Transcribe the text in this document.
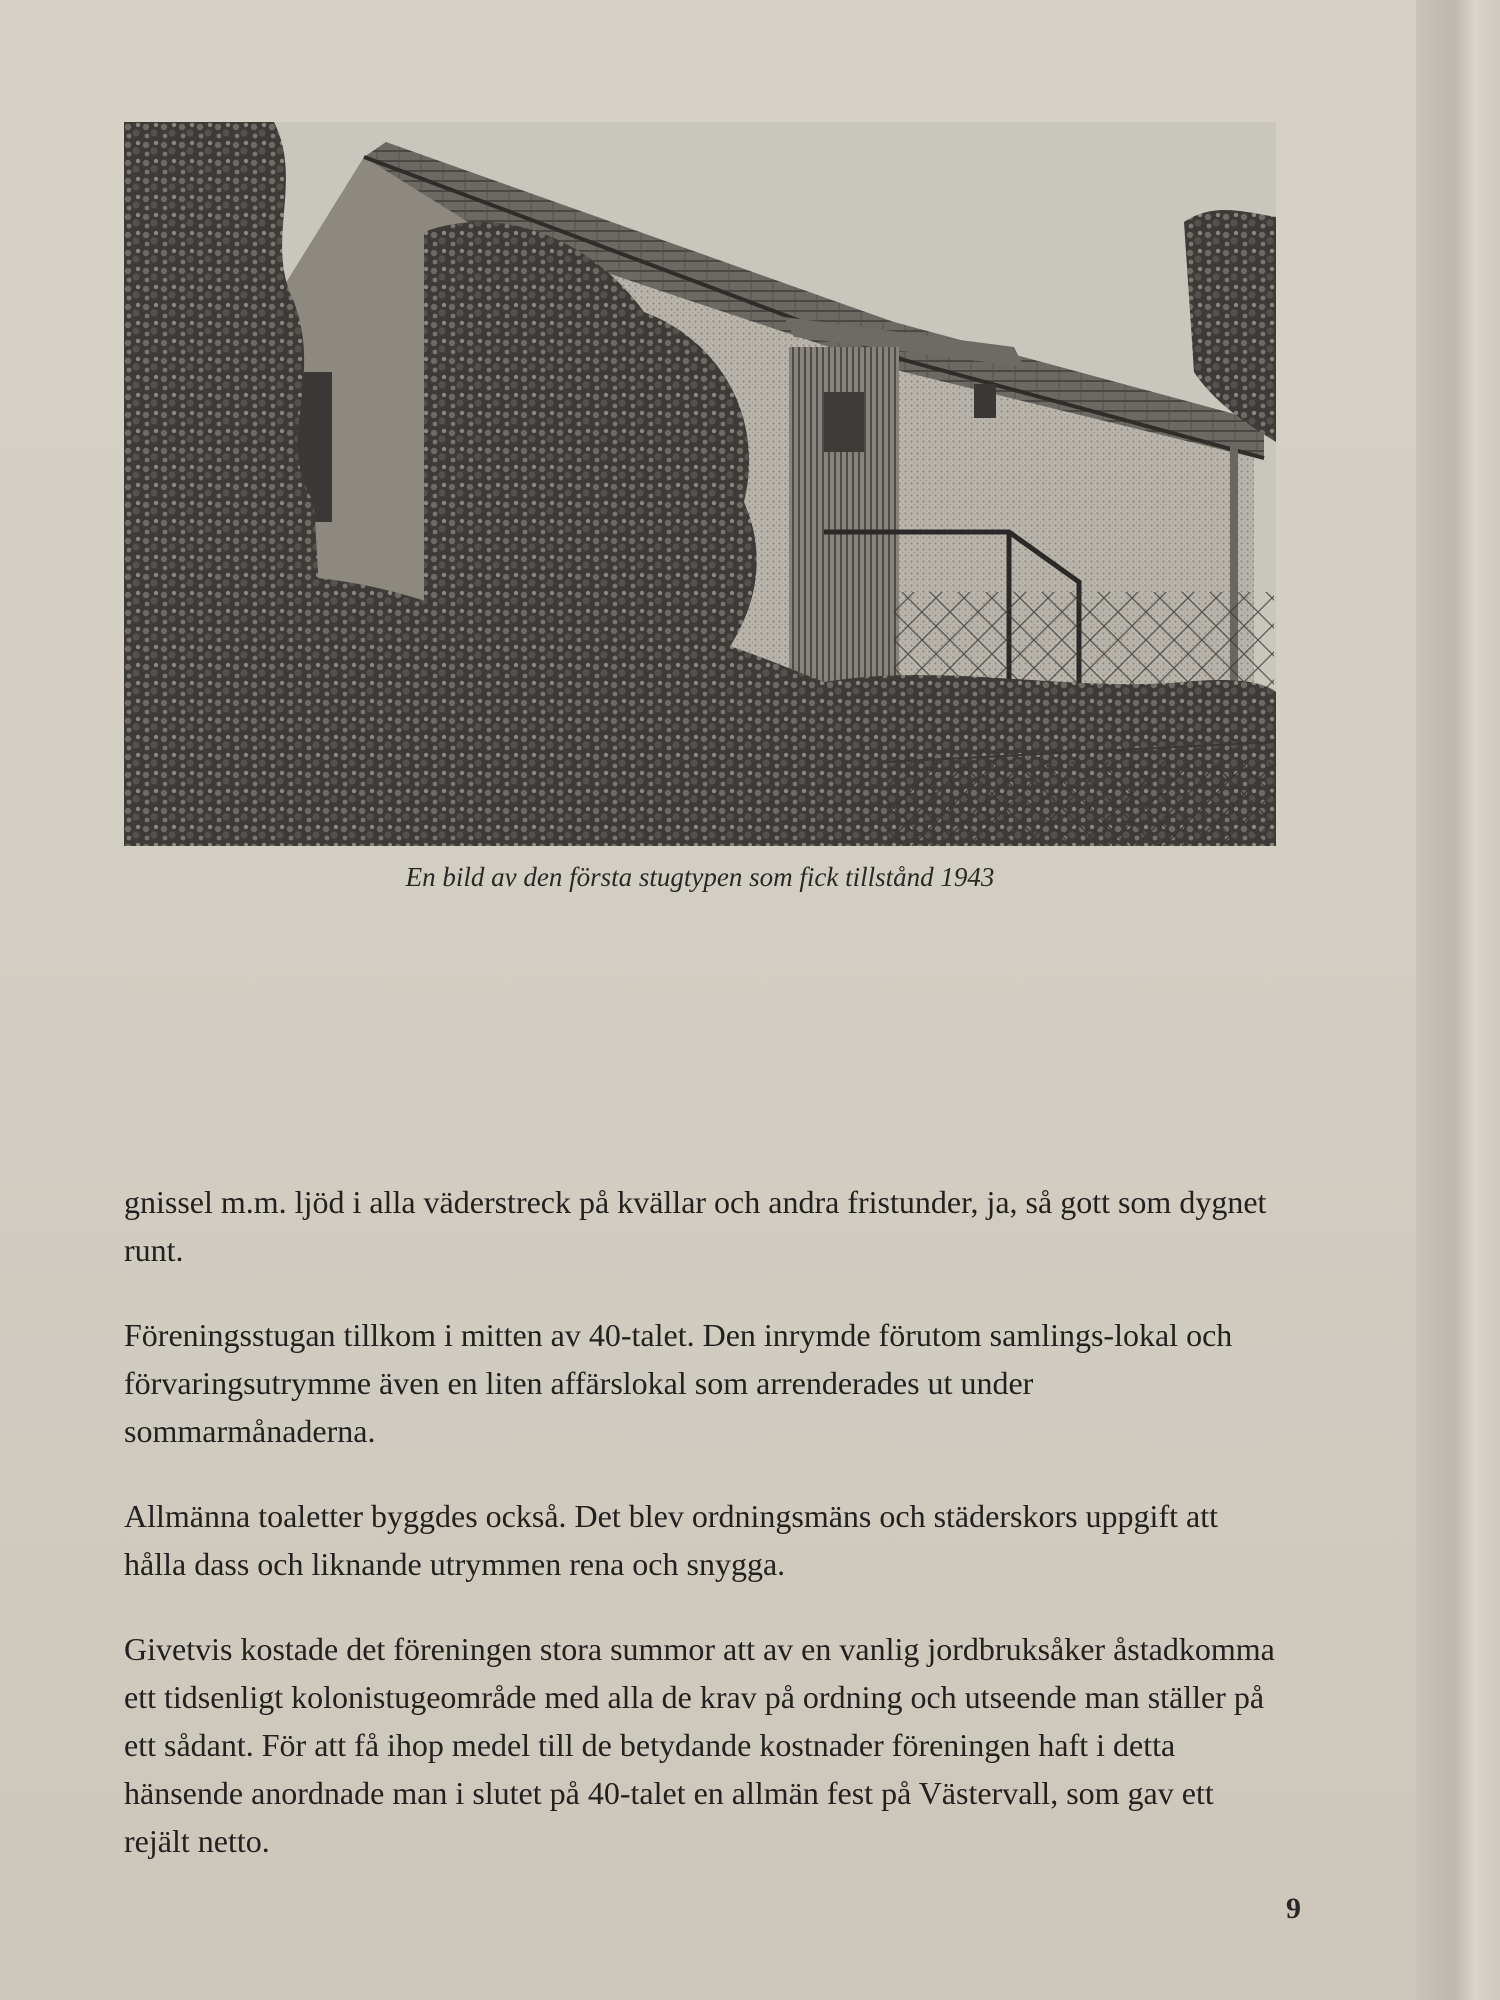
En bild av den första stugtypen som fick tillstånd 1943

gnissel m.m. ljöd i alla väderstreck på kvällar och andra fristunder, ja, så gott som dygnet runt.

Föreningsstugan tillkom i mitten av 40-talet. Den inrymde förutom samlings-lokal och förvaringsutrymme även en liten affärslokal som arrenderades ut under sommarmånaderna.

Allmänna toaletter byggdes också. Det blev ordningsmäns och städerskors uppgift att hålla dass och liknande utrymmen rena och snygga.

Givetvis kostade det föreningen stora summor att av en vanlig jordbruksåker åstadkomma ett tidsenligt kolonistugeområde med alla de krav på ordning och utseende man ställer på ett sådant. För att få ihop medel till de betydande kostnader föreningen haft i detta hänsende anordnade man i slutet på 40-talet en allmän fest på Västervall, som gav ett rejält netto.

9
